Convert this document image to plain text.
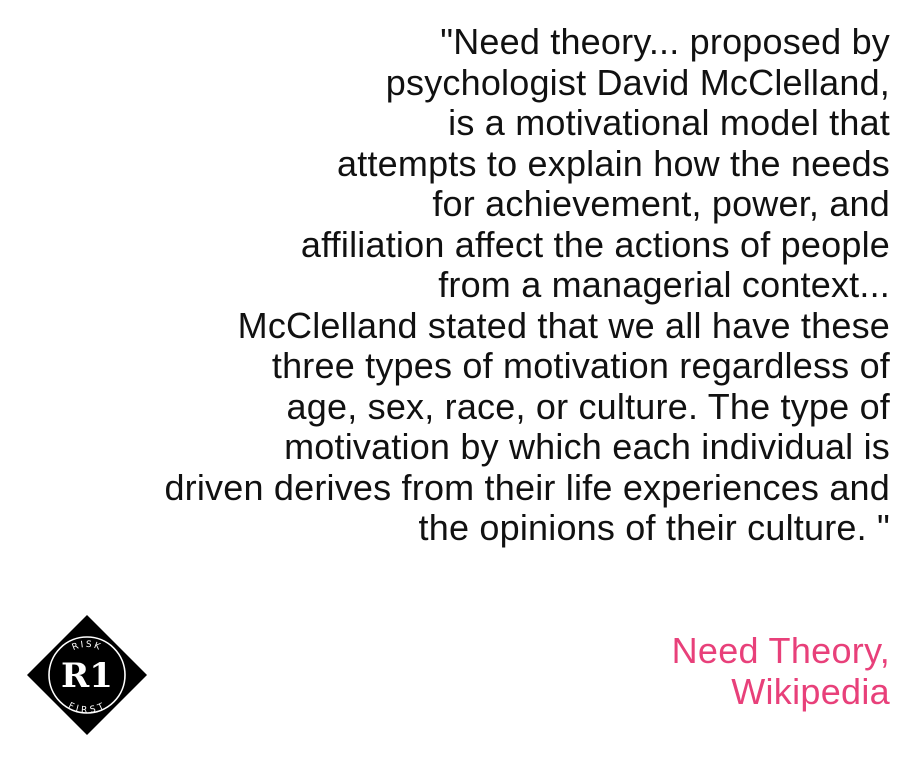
"Need theory... proposed by
psychologist David McClelland,
is a motivational model that
attempts to explain how the needs
for achievement, power, and
affiliation affect the actions of people
from a managerial context...
McClelland stated that we all have these
three types of motivation regardless of
age, sex, race, or culture. The type of
motivation by which each individual is
driven derives from their life experiences and
the opinions of their culture. "
RISK
FIRST
R1
Need Theory,
Wikipedia
